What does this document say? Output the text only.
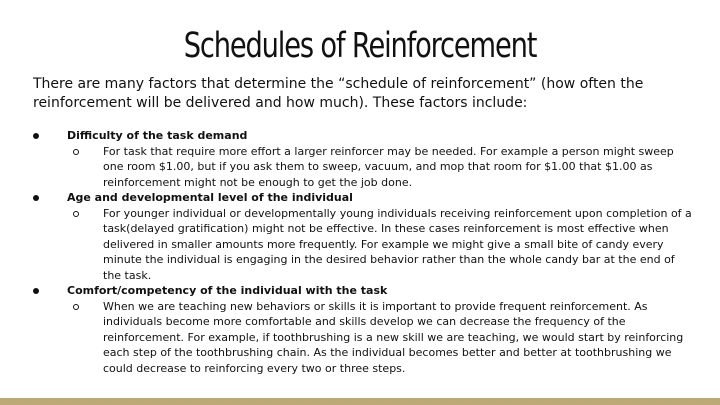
Schedules of Reinforcement
There are many factors that determine the “schedule of reinforcement” (how often the reinforcement will be delivered and how much). These factors include:
Difficulty of the task demand
For task that require more effort a larger reinforcer may be needed. For example a person might sweep one room $1.00, but if you ask them to sweep, vacuum, and mop that room for $1.00 that $1.00 as reinforcement might not be enough to get the job done.
Age and developmental level of the individual
For younger individual or developmentally young individuals receiving reinforcement upon completion of a task(delayed gratification) might not be effective. In these cases reinforcement is most effective when delivered in smaller amounts more frequently. For example we might give a small bite of candy every minute the individual is engaging in the desired behavior rather than the whole candy bar at the end of the task.
Comfort/competency of the individual with the task
When we are teaching new behaviors or skills it is important to provide frequent reinforcement. As individuals become more comfortable and skills develop we can decrease the frequency of the reinforcement. For example, if toothbrushing is a new skill we are teaching, we would start by reinforcing each step of the toothbrushing chain. As the individual becomes better and better at toothbrushing we could decrease to reinforcing every two or three steps.
